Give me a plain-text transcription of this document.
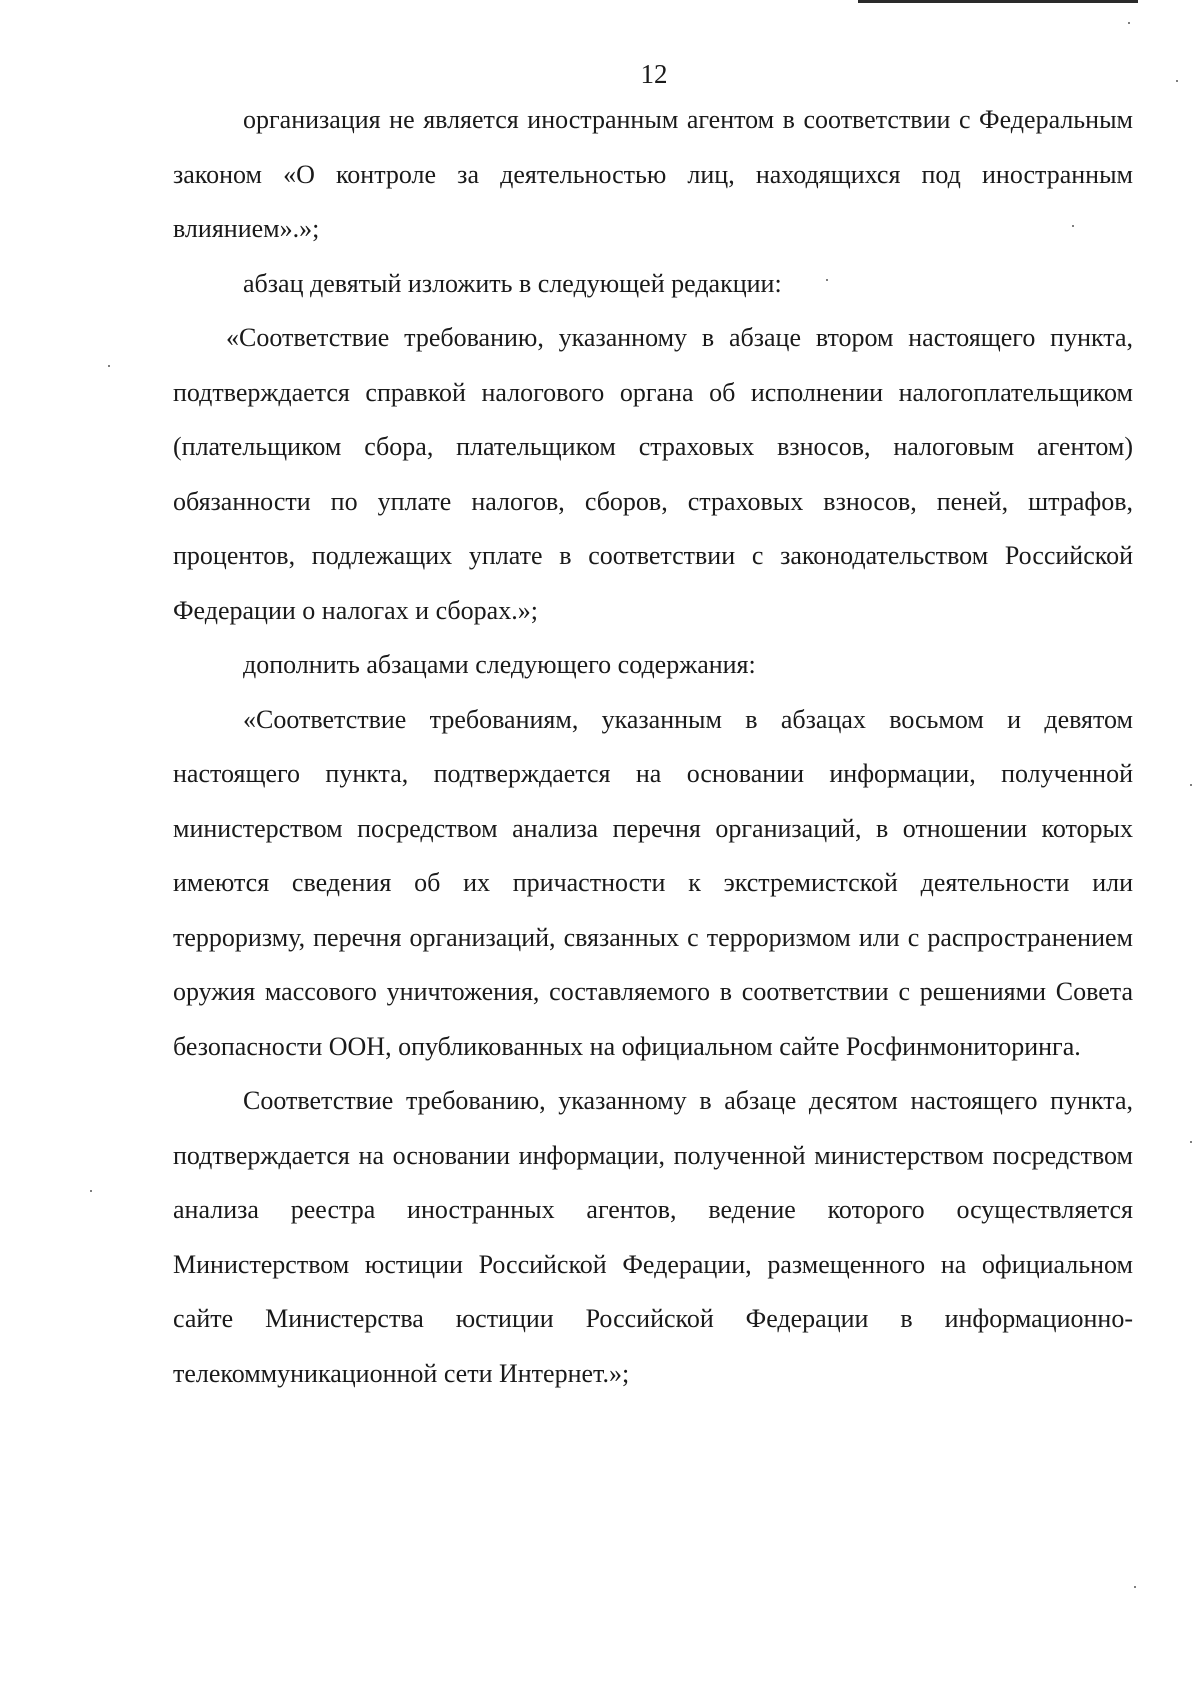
12

организация не является иностранным агентом в соответствии с Федеральным законом «О контроле за деятельностью лиц, находящихся под иностранным влиянием».»;

абзац девятый изложить в следующей редакции:

«Соответствие требованию, указанному в абзаце втором настоящего пункта, подтверждается справкой налогового органа об исполнении налогоплательщиком (плательщиком сбора, плательщиком страховых взносов, налоговым агентом) обязанности по уплате налогов, сборов, страховых взносов, пеней, штрафов, процентов, подлежащих уплате в соответствии с законодательством Российской Федерации о налогах и сборах.»;

дополнить абзацами следующего содержания:

«Соответствие требованиям, указанным в абзацах восьмом и девятом настоящего пункта, подтверждается на основании информации, полученной министерством посредством анализа перечня организаций, в отношении которых имеются сведения об их причастности к экстремистской деятельности или терроризму, перечня организаций, связанных с терроризмом или с распространением оружия массового уничтожения, составляемого в соответствии с решениями Совета безопасности ООН, опубликованных на официальном сайте Росфинмониторинга.

Соответствие требованию, указанному в абзаце десятом настоящего пункта, подтверждается на основании информации, полученной министерством посредством анализа реестра иностранных агентов, ведение которого осуществляется Министерством юстиции Российской Федерации, размещенного на официальном сайте Министерства юстиции Российской Федерации в информационно-телекоммуникационной сети Интернет.»;
